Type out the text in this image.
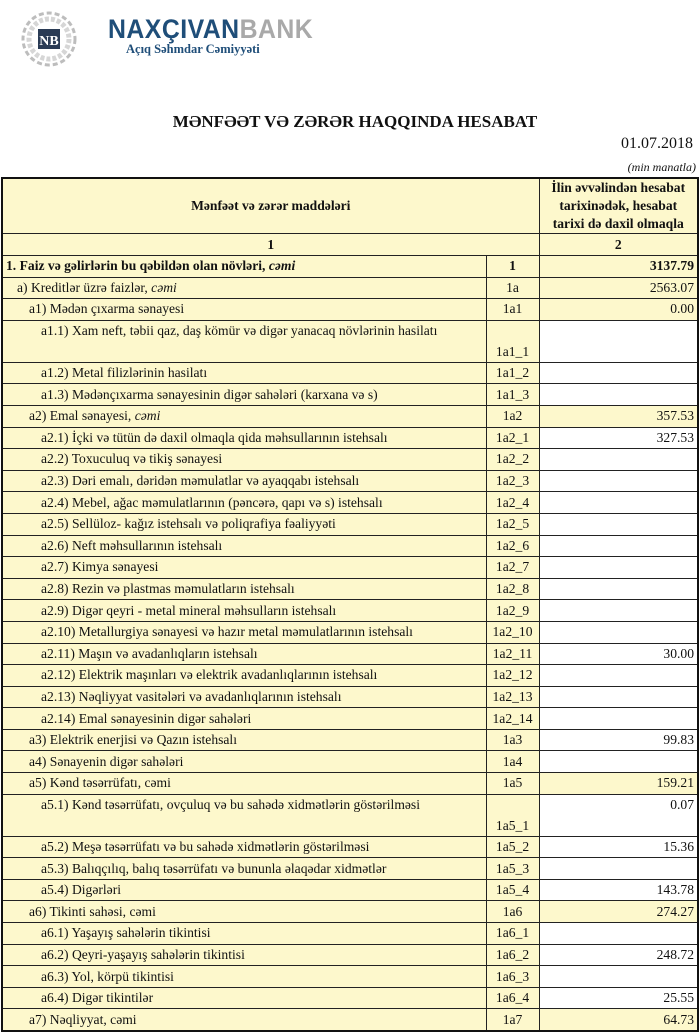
NB NAXÇIVANBANK
Açıq Səhmdar Cəmiyyəti
MƏNFƏƏT VƏ ZƏRƏR HAQQINDA HESABAT
01.07.2018
(min manatla)
Mənfəət və zərər maddələri		İlin əvvəlindən hesabat tarixinədək, hesabat tarixi də daxil olmaqla
1		2
1. Faiz və gəlirlərin bu qəbildən olan növləri, cəmi	1	3137.79
a) Kreditlər üzrə faizlər, cəmi	1a	2563.07
a1) Mədən çıxarma sənayesi	1a1	0.00
a1.1) Xam neft, təbii qaz, daş kömür və digər yanacaq növlərinin hasilatı	1a1_1	
a1.2) Metal filizlərinin hasilatı	1a1_2	
a1.3) Mədənçıxarma sənayesinin digər sahələri (karxana və s)	1a1_3	
a2) Emal sənayesi, cəmi	1a2	357.53
a2.1) İçki və tütün də daxil olmaqla qida məhsullarının istehsalı	1a2_1	327.53
a2.2) Toxuculuq və tikiş sənayesi	1a2_2	
a2.3) Dəri emalı, dəridən məmulatlar və ayaqqabı istehsalı	1a2_3	
a2.4) Mebel, ağac məmulatlarının (pəncərə, qapı və s) istehsalı	1a2_4	
a2.5) Sellüloz- kağız istehsalı və poliqrafiya fəaliyyəti	1a2_5	
a2.6) Neft məhsullarının istehsalı	1a2_6	
a2.7) Kimya sənayesi	1a2_7	
a2.8) Rezin və plastmas məmulatların istehsalı	1a2_8	
a2.9) Digər qeyri - metal mineral məhsulların istehsalı	1a2_9	
a2.10) Metallurgiya sənayesi və hazır metal məmulatlarının istehsalı	1a2_10	
a2.11) Maşın və avadanlıqların istehsalı	1a2_11	30.00
a2.12) Elektrik maşınları və elektrik avadanlıqlarının istehsalı	1a2_12	
a2.13) Nəqliyyat vasitələri və avadanlıqlarının istehsalı	1a2_13	
a2.14) Emal sənayesinin digər sahələri	1a2_14	
a3) Elektrik enerjisi və Qazın istehsalı	1a3	99.83
a4) Sənayenin digər sahələri	1a4	
a5) Kənd təsərrüfatı, cəmi	1a5	159.21
a5.1) Kənd təsərrüfatı, ovçuluq və bu sahədə xidmətlərin göstərilməsi	1a5_1	0.07
a5.2) Meşə təsərrüfatı və bu sahədə xidmətlərin göstərilməsi	1a5_2	15.36
a5.3) Balıqçılıq, balıq təsərrüfatı və bununla əlaqədar xidmətlər	1a5_3	
a5.4) Digərləri	1a5_4	143.78
a6) Tikinti sahəsi, cəmi	1a6	274.27
a6.1) Yaşayış sahələrin tikintisi	1a6_1	
a6.2) Qeyri-yaşayış sahələrin tikintisi	1a6_2	248.72
a6.3) Yol, körpü tikintisi	1a6_3	
a6.4) Digər tikintilər	1a6_4	25.55
a7) Nəqliyyat, cəmi	1a7	64.73
